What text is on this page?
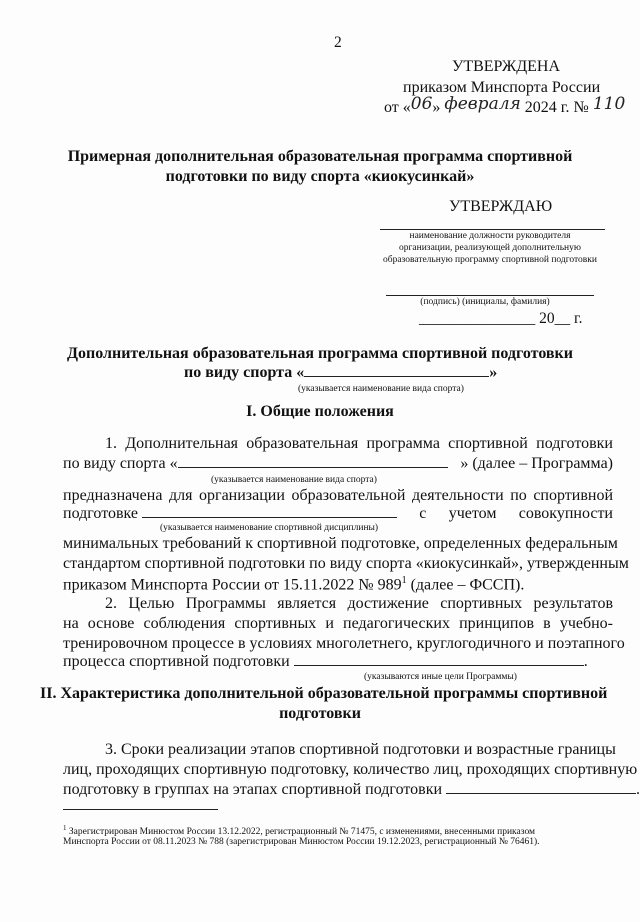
2
УТВЕРЖДЕНА
приказом Минспорта России
от «06» февраля 2024 г. № 110
Примерная дополнительная образовательная программа спортивной
подготовки по виду спорта «киокусинкай»
УТВЕРЖДАЮ
наименование должности руководителя
организации, реализующей дополнительную
образовательную программу спортивной подготовки
(подпись) (инициалы, фамилия)
_______________ 20__ г.
Дополнительная образовательная программа спортивной подготовки
по виду спорта «	»
(указывается наименование вида спорта)
I. Общие положения
1. Дополнительная образовательная программа спортивной подготовки
по виду спорта «	» (далее – Программа)
(указывается наименование вида спорта)
предназначена для организации образовательной деятельности по спортивной
подготовке	с учетом совокупности
(указывается наименование спортивной дисциплины)
минимальных требований к спортивной подготовке, определенных федеральным
стандартом спортивной подготовки по виду спорта «киокусинкай», утвержденным
приказом Минспорта России от 15.11.2022 № $989^1$ (далее – ФССП).
2. Целью Программы является достижение спортивных результатов
на основе соблюдения спортивных и педагогических принципов в учебно-
тренировочном процессе в условиях многолетнего, круглогодичного и поэтапного
процесса спортивной подготовки	.
(указываются иные цели Программы)
II. Характеристика дополнительной образовательной программы спортивной
подготовки
3. Сроки реализации этапов спортивной подготовки и возрастные границы
лиц, проходящих спортивную подготовку, количество лиц, проходящих спортивную
подготовку в группах на этапах спортивной подготовки	.
$^1$ Зарегистрирован Минюстом России 13.12.2022, регистрационный № 71475, с изменениями, внесенными приказом
Минспорта России от 08.11.2023 № 788 (зарегистрирован Минюстом России 19.12.2023, регистрационный № 76461).
